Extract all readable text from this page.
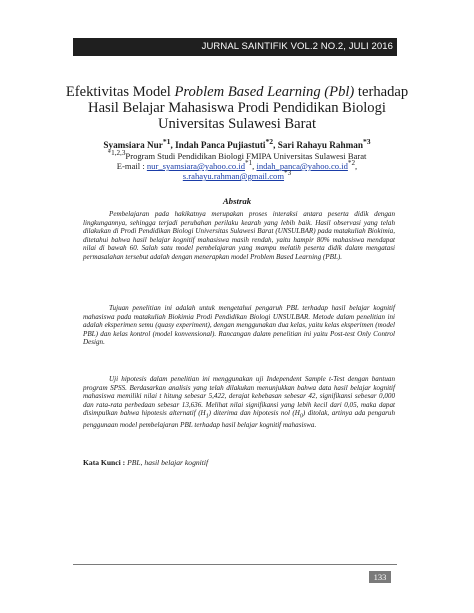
JURNAL SAINTIFIK VOL.2 NO.2, JULI 2016
Efektivitas Model Problem Based Learning (Pbl) terhadap
Hasil Belajar Mahasiswa Prodi Pendidikan Biologi
Universitas Sulawesi Barat
Syamsiara Nur$^{*1}$, Indah Panca Pujiastuti$^{*2}$, Sari Rahayu Rahman$^{*3}$
$^{*1,2,3}$Program Studi Pendidikan Biologi FMIPA Universitas Sulawesi Barat
E-mail : $nur\_syamsiara@yahoo.co.id^{*1}$, $indah\_panca@yahoo.co.id^{*2}$,
s.rahayu.rahman@gmail.com$^{*3}$
Abstrak

Pembelajaran pada hakikatnya merupakan proses interaksi antara peserta didik dengan lingkungannya, sehingga terjadi perubahan perilaku kearah yang lebih baik. Hasil observasi yang telah dilakukan di Prodi Pendidikan Biologi Universitas Sulawesi Barat (UNSULBAR) pada matakuliah Biokimia, ditetahui bahwa hasil belajar kognitif mahasiswa masih rendah, yaitu hampir 80% mahasiswa mendapat nilai di bawah 60. Salah satu model pembelajaran yang mampu melatih peserta didik dalam mengatasi permasalahan tersebut adalah dengan menerapkan model Problem Based Learning (PBL).

Tujuan penelitian ini adalah untuk mengetahui pengaruh PBL terhadap hasil belajar kognitif mahasiswa pada matakuliah Biokimia Prodi Pendidikan Biologi UNSULBAR. Metode dalam penelitian ini adalah eksperimen semu (quasy experiment), dengan menggunakan dua kelas, yaitu kelas eksperimen (model PBL) dan kelas kontrol (model konvensional). Rancangan dalam penelitian ini yaitu Post-test Only Control Design.

Uji hipotesis dalam penelitian ini menggunakan uji Independent Sample t-Test dengan bantuan program SPSS. Berdasarkan analisis yang telah dilakukan menunjukkan bahwa data hasil belajar kognitif mahasiswa memiliki nilai t hitung sebesar 5,422, derajat kebebasan sebesar 42, signifikansi sebesar 0,000 dan rata-rata perbedaan sebesar 13,636. Melihat nilai signifikansi yang lebih kecil dari 0,05, maka dapat disimpulkan bahwa hipotesis alternatif $(H_1)$ diterima dan hipotesis nol $(H_0)$ ditolak, artinya ada pengaruh penggunaan model pembelajaran PBL terhadap hasil belajar kognitif mahasiswa.

Kata Kunci : PBL, hasil belajar kognitif
133
